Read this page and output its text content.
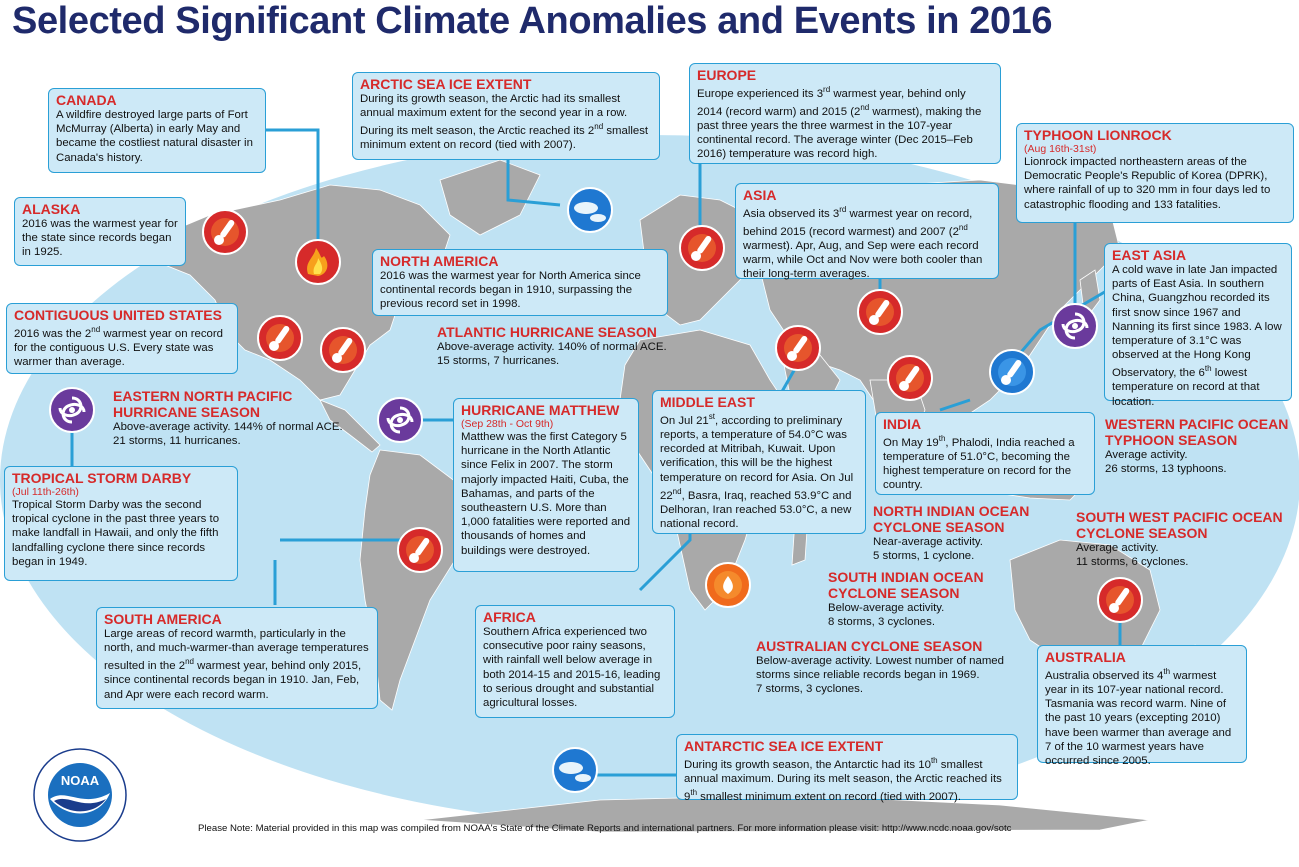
Selected Significant Climate Anomalies and Events in 2016
CANADA

A wildfire destroyed large parts of Fort McMurray (Alberta) in early May and became the costliest natural disaster in Canada's history.

ALASKA

2016 was the warmest year for the state since records began in 1925.

CONTIGUOUS UNITED STATES

2016 was the 2nd warmest year on record for the contiguous U.S. Every state was warmer than average.

ARCTIC SEA ICE EXTENT

During its growth season, the Arctic had its smallest annual maximum extent for the second year in a row. During its melt season, the Arctic reached its 2nd smallest minimum extent on record (tied with 2007).

NORTH AMERICA

2016 was the warmest year for North America since continental records began in 1910, surpassing the previous record set in 1998.

EUROPE

Europe experienced its 3rd warmest year, behind only 2014 (record warm) and 2015 (2nd warmest), making the past three years the three warmest in the 107-year continental record. The average winter (Dec 2015–Feb 2016) temperature was record high.

ASIA

Asia observed its 3rd warmest year on record, behind 2015 (record warmest) and 2007 (2nd warmest). Apr, Aug, and Sep were each record warm, while Oct and Nov were both cooler than their long-term averages.

TYPHOON LIONROCK
(Aug 16th-31st)

Lionrock impacted northeastern areas of the Democratic People's Republic of Korea (DPRK), where rainfall of up to 320 mm in four days led to catastrophic flooding and 133 fatalities.

EAST ASIA

A cold wave in late Jan impacted parts of East Asia. In southern China, Guangzhou recorded its first snow since 1967 and Nanning its first since 1983. A low temperature of 3.1°C was observed at the Hong Kong Observatory, the 6th lowest temperature on record at that location.

TROPICAL STORM DARBY
(Jul 11th-26th)

Tropical Storm Darby was the second tropical cyclone in the past three years to make landfall in Hawaii, and only the fifth landfalling cyclone there since records began in 1949.

HURRICANE MATTHEW
(Sep 28th - Oct 9th)

Matthew was the first Category 5 hurricane in the North Atlantic since Felix in 2007. The storm majorly impacted Haiti, Cuba, the Bahamas, and parts of the southeastern U.S. More than 1,000 fatalities were reported and thousands of homes and buildings were destroyed.

MIDDLE EAST

On Jul 21st, according to preliminary reports, a temperature of 54.0°C was recorded at Mitribah, Kuwait. Upon verification, this will be the highest temperature on record for Asia. On Jul 22nd, Basra, Iraq, reached 53.9°C and Delhoran, Iran reached 53.0°C, a new national record.

INDIA

On May 19th, Phalodi, India reached a temperature of 51.0°C, becoming the highest temperature on record for the country.

SOUTH AMERICA

Large areas of record warmth, particularly in the north, and much-warmer-than average temperatures resulted in the 2nd warmest year, behind only 2015, since continental records began in 1910. Jan, Feb, and Apr were each record warm.

AFRICA

Southern Africa experienced two consecutive poor rainy seasons, with rainfall well below average in both 2014-15 and 2015-16, leading to serious drought and substantial agricultural losses.

ANTARCTIC SEA ICE EXTENT

During its growth season, the Antarctic had its 10th smallest annual maximum. During its melt season, the Arctic reached its 9th smallest minimum extent on record (tied with 2007).

AUSTRALIA

Australia observed its 4th warmest year in its 107-year national record. Tasmania was record warm. Nine of the past 10 years (excepting 2010) have been warmer than average and 7 of the 10 warmest years have occurred since 2005.

ATLANTIC HURRICANE SEASON

Above-average activity. 140% of normal ACE.

15 storms, 7 hurricanes.

EASTERN NORTH PACIFIC
HURRICANE SEASON

Above-average activity. 144% of normal ACE.

21 storms, 11 hurricanes.

WESTERN PACIFIC OCEAN
TYPHOON SEASON

Average activity.

26 storms, 13 typhoons.

NORTH INDIAN OCEAN
CYCLONE SEASON

Near-average activity.

5 storms, 1 cyclone.

SOUTH WEST PACIFIC OCEAN
CYCLONE SEASON

Average activity.

11 storms, 6 cyclones.

SOUTH INDIAN OCEAN
CYCLONE SEASON

Below-average activity.

8 storms, 3 cyclones.

AUSTRALIAN CYCLONE SEASON

Below-average activity. Lowest number of named

storms since reliable records began in 1969.

7 storms, 3 cyclones.

NOAA
Please Note: Material provided in this map was compiled from NOAA's State of the Climate Reports and international partners. For more information please visit: http://www.ncdc.noaa.gov/sotc
